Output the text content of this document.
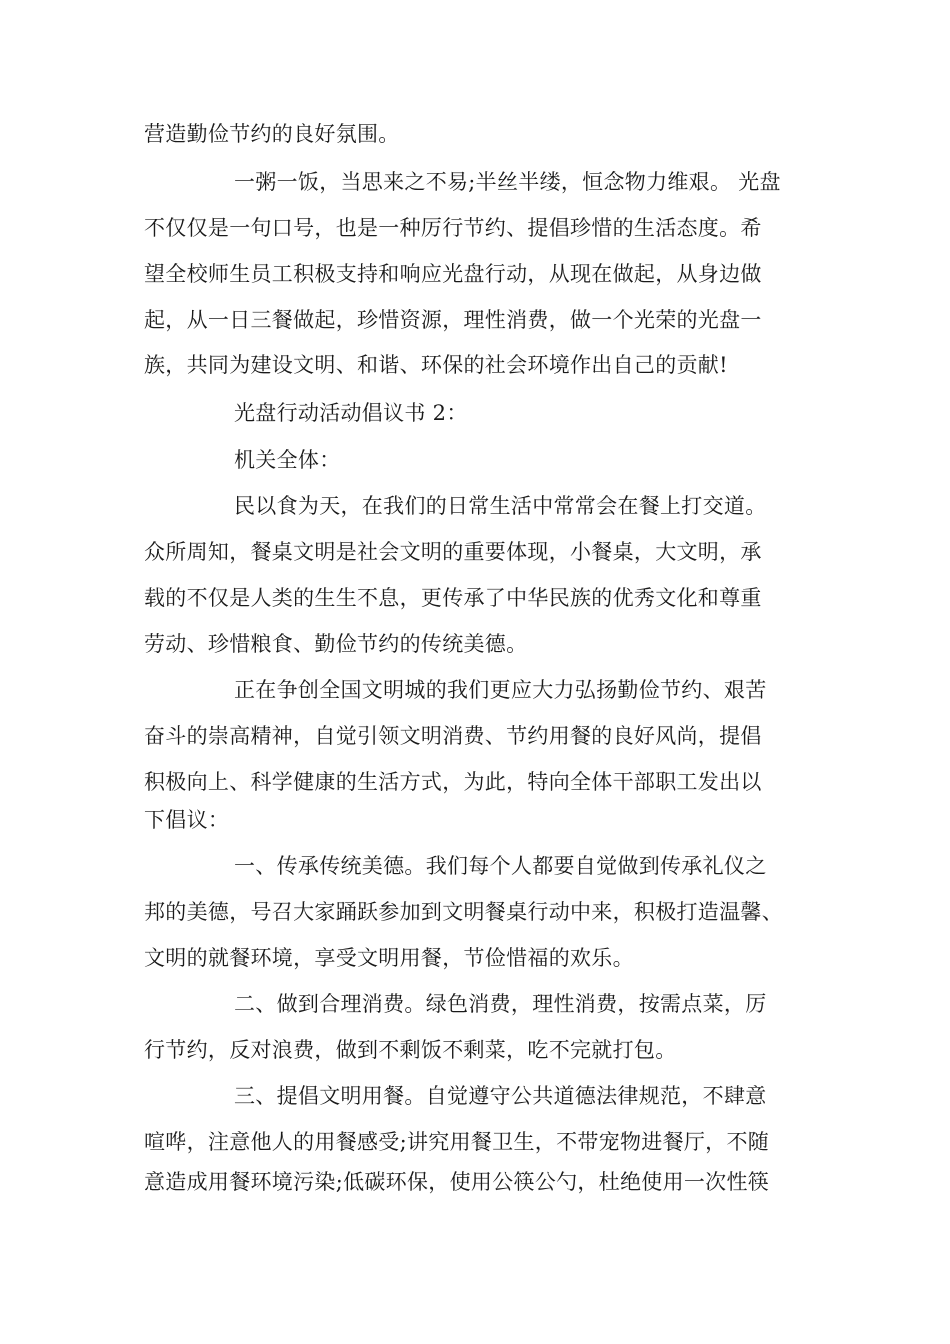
营造勤俭节约的良好氛围。
一粥一饭，当思来之不易;半丝半缕，恒念物力维艰。 光盘
不仅仅是一句口号，也是一种厉行节约、提倡珍惜的生活态度。希
望全校师生员工积极支持和响应光盘行动，从现在做起，从身边做
起，从一日三餐做起，珍惜资源，理性消费，做一个光荣的光盘一
族，共同为建设文明、和谐、环保的社会环境作出自己的贡献!
光盘行动活动倡议书 2：
机关全体：
民以食为天，在我们的日常生活中常常会在餐上打交道。
众所周知，餐桌文明是社会文明的重要体现，小餐桌，大文明，承
载的不仅是人类的生生不息，更传承了中华民族的优秀文化和尊重
劳动、珍惜粮食、勤俭节约的传统美德。
正在争创全国文明城的我们更应大力弘扬勤俭节约、艰苦
奋斗的崇高精神，自觉引领文明消费、节约用餐的良好风尚，提倡
积极向上、科学健康的生活方式，为此，特向全体干部职工发出以
下倡议：
一、传承传统美德。我们每个人都要自觉做到传承礼仪之
邦的美德，号召大家踊跃参加到文明餐桌行动中来，积极打造温馨、
文明的就餐环境，享受文明用餐，节俭惜福的欢乐。
二、做到合理消费。绿色消费，理性消费，按需点菜，厉
行节约，反对浪费，做到不剩饭不剩菜，吃不完就打包。
三、提倡文明用餐。自觉遵守公共道德法律规范，不肆意
喧哗，注意他人的用餐感受;讲究用餐卫生，不带宠物进餐厅，不随
意造成用餐环境污染;低碳环保，使用公筷公勺，杜绝使用一次性筷
